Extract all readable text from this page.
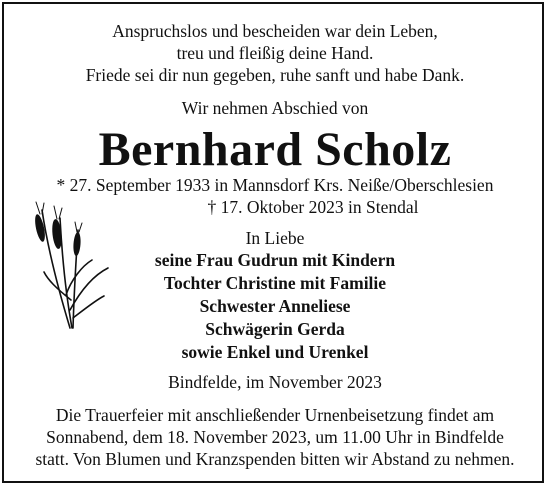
Anspruchslos und bescheiden war dein Leben,
treu und fleißig deine Hand.
Friede sei dir nun gegeben, ruhe sanft und habe Dank.
Wir nehmen Abschied von
Bernhard Scholz
* 27. September 1933 in Mannsdorf Krs. Neiße/Oberschlesien
† 17. Oktober 2023 in Stendal
In Liebe
seine Frau Gudrun mit Kindern
Tochter Christine mit Familie
Schwester Anneliese
Schwägerin Gerda
sowie Enkel und Urenkel
Bindfelde, im November 2023
Die Trauerfeier mit anschließender Urnenbeisetzung findet am
Sonnabend, dem 18. November 2023, um 11.00 Uhr in Bindfelde
statt. Von Blumen und Kranzspenden bitten wir Abstand zu nehmen.
